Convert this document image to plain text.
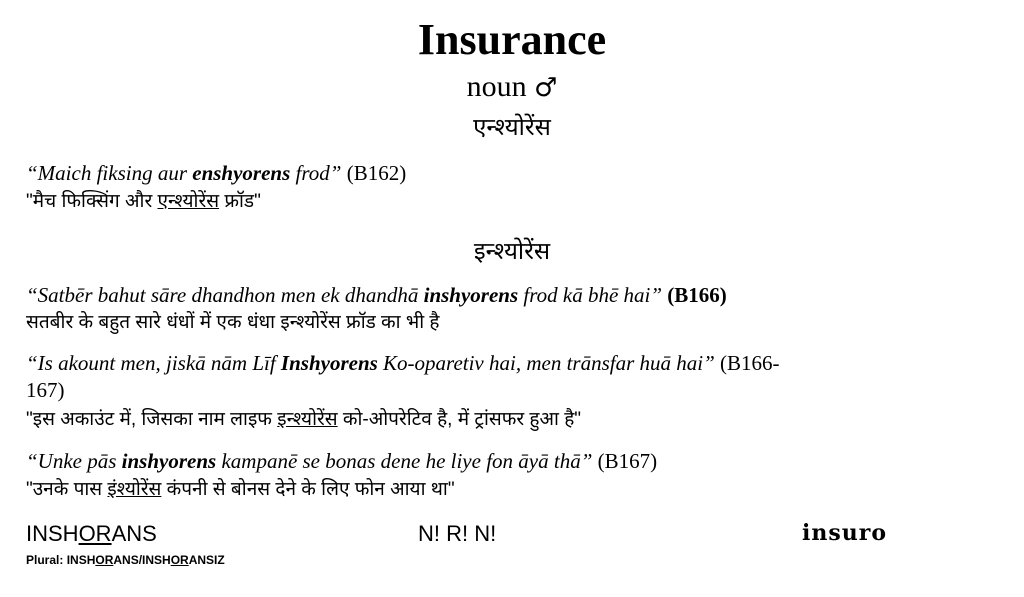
Insurance
noun ♂
एन्श्योरेंस
“Maich fiksing aur enshyorens frod” (B162)
"मैच फिक्सिंग और एन्श्योरेंस फ्रॉड"
इन्श्योरेंस
“Satbēr bahut sāre dhandhon men ek dhandhā inshyorens frod kā bhē hai” (B166)
सतबीर के बहुत सारे धंधों में एक धंधा इन्श्योरेंस फ्रॉड का भी है
“Is akount men, jiskā nām Līf Inshyorens Ko-oparetiv hai, men trānsfar huā hai” (B166-
167)
"इस अकाउंट में, जिसका नाम लाइफ इन्श्योरेंस को-ओपरेटिव है, में ट्रांसफर हुआ है"
“Unke pās inshyorens kampanē se bonas dene he liye fon āyā thā” (B167)
"उनके पास इंश्योरेंस कंपनी से बोनस देने के लिए फोन आया था"
INSHORANS	N! R! N!	insuro
Plural: INSHORANS/INSHORANSIZ
